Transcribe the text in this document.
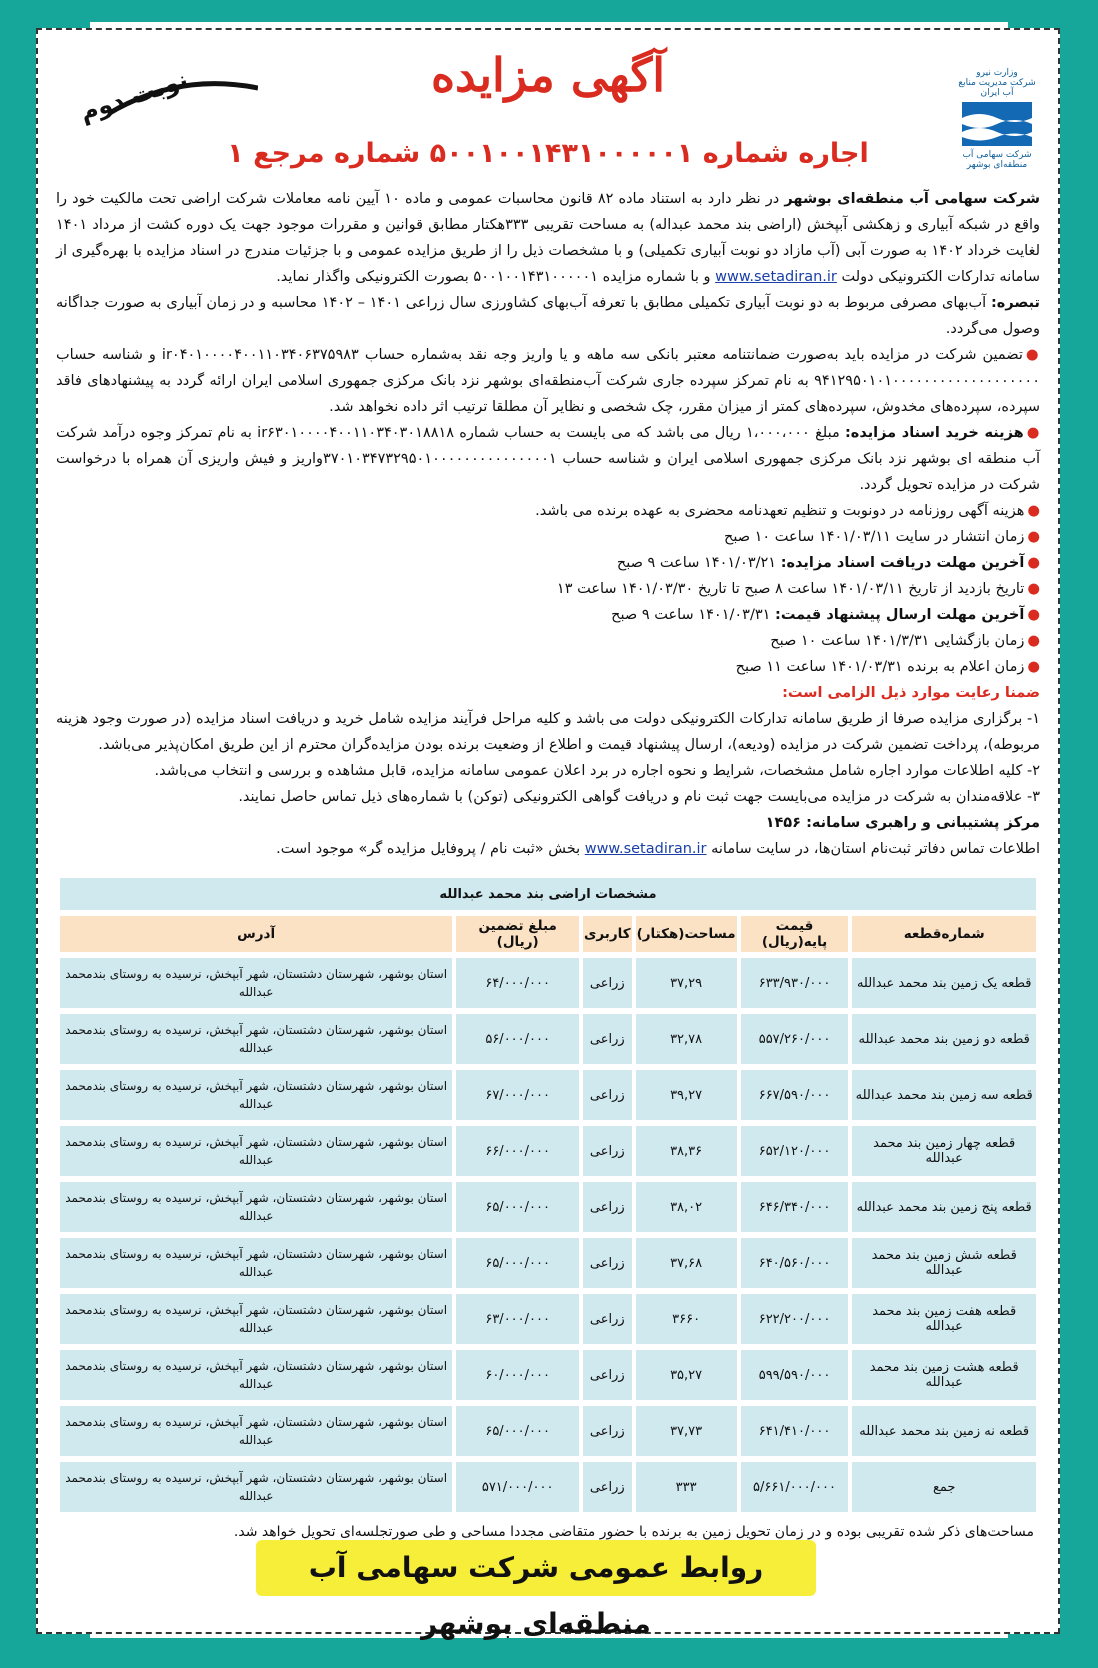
وزارت نیرو
شرکت مدیریت منابع آب ایران
شرکت سهامی آب منطقه‌ای بوشهر
آگهی مزایده
نوبت دوم
اجاره شماره ۵۰۰۱۰۰۱۴۳۱۰۰۰۰۰۱ شماره مرجع ۱

شرکت سهامی آب منطقه‌ای بوشهر در نظر دارد به استناد ماده ۸۲ قانون محاسبات عمومی و ماده ۱۰ آیین نامه معاملات شرکت اراضی تحت مالکیت خود را واقع در شبکه آبیاری و زهکشی آبپخش (اراضی بند محمد عبداله) به مساحت تقریبی ۳۳۳هکتار مطابق قوانین و مقررات موجود جهت یک دوره کشت از مرداد ۱۴۰۱ لغایت خرداد ۱۴۰۲ به صورت آبی (آب مازاد دو نوبت آبیاری تکمیلی) و با مشخصات ذیل را از طریق مزایده عمومی و با جزئیات مندرج در اسناد مزایده با بهره‌گیری از سامانه تدارکات الکترونیکی دولت www.setadiran.ir و با شماره مزایده ۵۰۰۱۰۰۱۴۳۱۰۰۰۰۰۱ بصورت الکترونیکی واگذار نماید.

تبصره: آب‌بهای مصرفی مربوط به دو نوبت آبیاری تکمیلی مطابق با تعرفه آب‌بهای کشاورزی سال زراعی ۱۴۰۱ – ۱۴۰۲ محاسبه و در زمان آبیاری به صورت جداگانه وصول می‌گردد.

●تضمین شرکت در مزایده باید به‌صورت ضمانتنامه معتبر بانکی سه ماهه و یا واریز وجه نقد به‌شماره حساب ir۰۴۰۱۰۰۰۰۴۰۰۱۱۰۳۴۰۶۳۷۵۹۸۳ و شناسه حساب ۹۴۱۲۹۵۰۱۰۱۰۰۰۰۰۰۰۰۰۰۰۰۰۰۰۰۰۰۰ به نام تمرکز سپرده جاری شرکت آب‌منطقه‌ای بوشهر نزد بانک مرکزی جمهوری اسلامی ایران ارائه گردد به پیشنهادهای فاقد سپرده، سپرده‌های مخدوش، سپرده‌های کمتر از میزان مقرر، چک شخصی و نظایر آن مطلقا ترتیب اثر داده نخواهد شد.

●هزینه خرید اسناد مزایده: مبلغ ۱،۰۰۰،۰۰۰ ریال می باشد که می بایست به حساب شماره ir۶۳۰۱۰۰۰۰۴۰۰۱۱۰۳۴۰۳۰۱۸۸۱۸ به نام تمرکز وجوه درآمد شرکت آب منطقه ای بوشهر نزد بانک مرکزی جمهوری اسلامی ایران و شناسه حساب ۳۷۰۱۰۳۴۷۳۲۹۵۰۱۰۰۰۰۰۰۰۰۰۰۰۰۰۰۰۱واریز و فیش واریزی آن همراه با درخواست شرکت در مزایده تحویل گردد.

●هزینه آگهی روزنامه در دونوبت و تنظیم تعهدنامه محضری به عهده برنده می باشد.

●زمان انتشار در سایت ۱۴۰۱/۰۳/۱۱ ساعت ۱۰ صبح

●آخرین مهلت دریافت اسناد مزایده: ۱۴۰۱/۰۳/۲۱ ساعت ۹ صبح

●تاریخ بازدید از تاریخ ۱۴۰۱/۰۳/۱۱ ساعت ۸ صبح تا تاریخ ۱۴۰۱/۰۳/۳۰ ساعت ۱۳

●آخرین مهلت ارسال پیشنهاد قیمت: ۱۴۰۱/۰۳/۳۱ ساعت ۹ صبح

●زمان بازگشایی ۱۴۰۱/۳/۳۱ ساعت ۱۰ صبح

●زمان اعلام به برنده ۱۴۰۱/۰۳/۳۱ ساعت ۱۱ صبح

ضمنا رعایت موارد ذیل الزامی است:

۱- برگزاری مزایده صرفا از طریق سامانه تدارکات الکترونیکی دولت می باشد و کلیه مراحل فرآیند مزایده شامل خرید و دریافت اسناد مزایده (در صورت وجود هزینه مربوطه)، پرداخت تضمین شرکت در مزایده (ودیعه)، ارسال پیشنهاد قیمت و اطلاع از وضعیت برنده بودن مزایده‌گران محترم از این طریق امکان‌پذیر می‌باشد.

۲- کلیه اطلاعات موارد اجاره شامل مشخصات، شرایط و نحوه اجاره در برد اعلان عمومی سامانه مزایده، قابل مشاهده و بررسی و انتخاب می‌باشد.

۳- علاقه‌مندان به شرکت در مزایده می‌بایست جهت ثبت نام و دریافت گواهی الکترونیکی (توکن) با شماره‌های ذیل تماس حاصل نمایند.

مرکز پشتیبانی و راهبری سامانه: ۱۴۵۶

اطلاعات تماس دفاتر ثبت‌نام استان‌ها، در سایت سامانه www.setadiran.ir بخش «ثبت نام / پروفایل مزایده گر» موجود است.

مشخصات اراضی بند محمد عبدالله					
شماره‌قطعه	قیمت پایه(ریال)	مساحت(هکتار)	کاربری	مبلغ تضمین (ریال)	آدرس
قطعه یک زمین بند محمد عبدالله	۶۳۳/۹۳۰/۰۰۰	۳۷,۲۹	زراعی	۶۴/۰۰۰/۰۰۰	استان بوشهر، شهرستان دشتستان، شهر آبپخش، نرسیده به روستای بندمحمد عبدالله
قطعه دو زمین بند محمد عبدالله	۵۵۷/۲۶۰/۰۰۰	۳۲,۷۸	زراعی	۵۶/۰۰۰/۰۰۰	استان بوشهر، شهرستان دشتستان، شهر آبپخش، نرسیده به روستای بندمحمد عبدالله
قطعه سه زمین بند محمد عبدالله	۶۶۷/۵۹۰/۰۰۰	۳۹,۲۷	زراعی	۶۷/۰۰۰/۰۰۰	استان بوشهر، شهرستان دشتستان، شهر آبپخش، نرسیده به روستای بندمحمد عبدالله
قطعه چهار زمین بند محمد عبدالله	۶۵۲/۱۲۰/۰۰۰	۳۸,۳۶	زراعی	۶۶/۰۰۰/۰۰۰	استان بوشهر، شهرستان دشتستان، شهر آبپخش، نرسیده به روستای بندمحمد عبدالله
قطعه پنج زمین بند محمد عبدالله	۶۴۶/۳۴۰/۰۰۰	۳۸,۰۲	زراعی	۶۵/۰۰۰/۰۰۰	استان بوشهر، شهرستان دشتستان، شهر آبپخش، نرسیده به روستای بندمحمد عبدالله
قطعه شش زمین بند محمد عبدالله	۶۴۰/۵۶۰/۰۰۰	۳۷,۶۸	زراعی	۶۵/۰۰۰/۰۰۰	استان بوشهر، شهرستان دشتستان، شهر آبپخش، نرسیده به روستای بندمحمد عبدالله
قطعه هفت زمین بند محمد عبدالله	۶۲۲/۲۰۰/۰۰۰	۳۶۶۰	زراعی	۶۳/۰۰۰/۰۰۰	استان بوشهر، شهرستان دشتستان، شهر آبپخش، نرسیده به روستای بندمحمد عبدالله
قطعه هشت زمین بند محمد عبدالله	۵۹۹/۵۹۰/۰۰۰	۳۵,۲۷	زراعی	۶۰/۰۰۰/۰۰۰	استان بوشهر، شهرستان دشتستان، شهر آبپخش، نرسیده به روستای بندمحمد عبدالله
قطعه نه زمین بند محمد عبدالله	۶۴۱/۴۱۰/۰۰۰	۳۷,۷۳	زراعی	۶۵/۰۰۰/۰۰۰	استان بوشهر، شهرستان دشتستان، شهر آبپخش، نرسیده به روستای بندمحمد عبدالله
جمع	۵/۶۶۱/۰۰۰/۰۰۰	۳۳۳	زراعی	۵۷۱/۰۰۰/۰۰۰	استان بوشهر، شهرستان دشتستان، شهر آبپخش، نرسیده به روستای بندمحمد عبدالله
مساحت‌های ذکر شده تقریبی بوده و در زمان تحویل زمین به برنده با حضور متقاضی مجددا مساحی و طی صورتجلسه‌ای تحویل خواهد شد.
روابط عمومی شرکت سهامی آب منطقه‌ای بوشهر
